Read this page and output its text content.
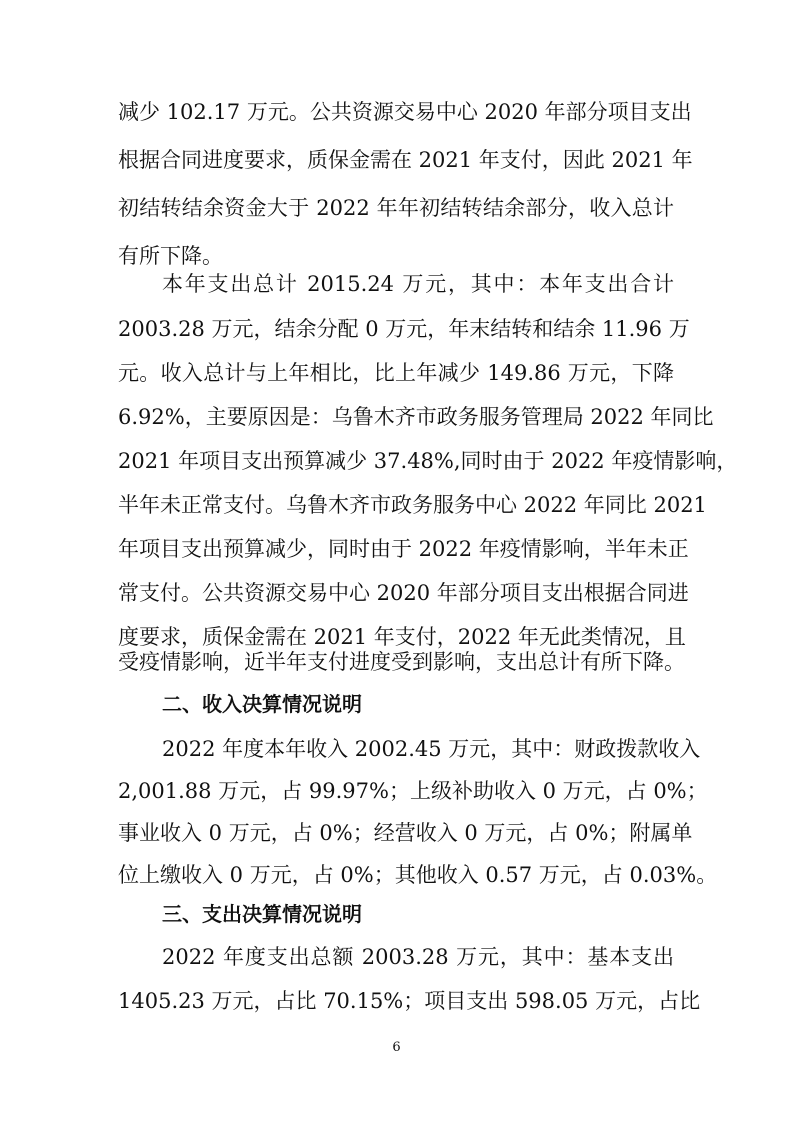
减少 102.17 万元。公共资源交易中心 2020 年部分项目支出
根据合同进度要求，质保金需在 2021 年支付，因此 2021 年
初结转结余资金大于 2022 年年初结转结余部分，收入总计
有所下降。
本年支出总计 2015.24 万元，其中：本年支出合计
2003.28 万元，结余分配 0 万元，年末结转和结余 11.96 万
元。收入总计与上年相比，比上年减少 149.86 万元，下降
6.92%，主要原因是：乌鲁木齐市政务服务管理局 2022 年同比
2021 年项目支出预算减少 37.48%,同时由于 2022 年疫情影响，
半年未正常支付。乌鲁木齐市政务服务中心 2022 年同比 2021
年项目支出预算减少，同时由于 2022 年疫情影响，半年未正
常支付。公共资源交易中心 2020 年部分项目支出根据合同进
度要求，质保金需在 2021 年支付，2022 年无此类情况，且
受疫情影响，近半年支付进度受到影响，支出总计有所下降。
二、收入决算情况说明
2022 年度本年收入 2002.45 万元，其中：财政拨款收入
2,001.88 万元，占 99.97%；上级补助收入 0 万元，占 0%；
事业收入 0 万元，占 0%；经营收入 0 万元，占 0%；附属单
位上缴收入 0 万元，占 0%；其他收入 0.57 万元，占 0.03%。
三、支出决算情况说明
2022 年度支出总额 2003.28 万元，其中：基本支出
1405.23 万元，占比 70.15%；项目支出 598.05 万元，占比
6
